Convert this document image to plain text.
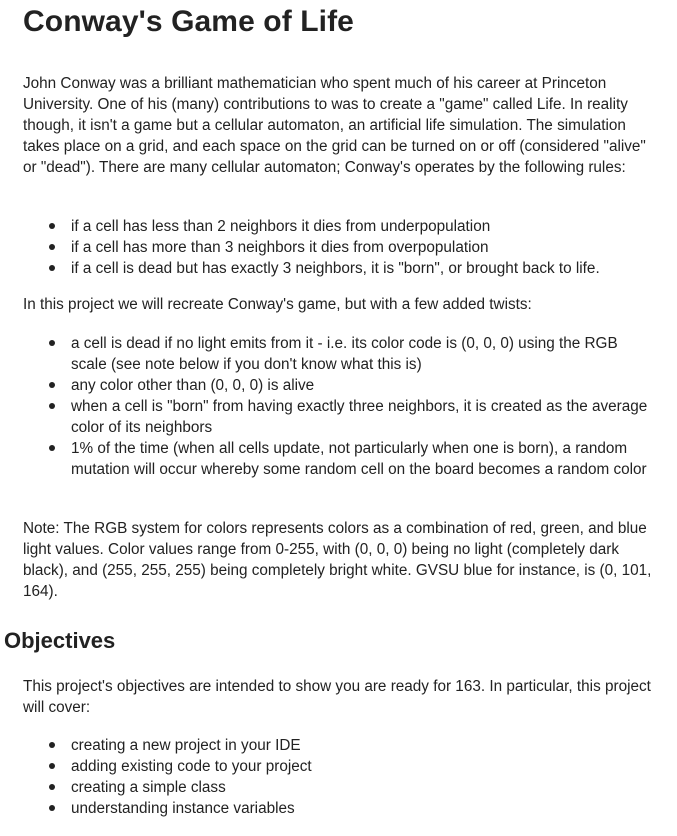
Conway's Game of Life

John Conway was a brilliant mathematician who spent much of his career at Princeton University. One of his (many) contributions to was to create a "game" called Life. In reality though, it isn't a game but a cellular automaton, an artificial life simulation. The simulation takes place on a grid, and each space on the grid can be turned on or off (considered "alive" or "dead"). There are many cellular automaton; Conway's operates by the following rules:

if a cell has less than 2 neighbors it dies from underpopulation
if a cell has more than 3 neighbors it dies from overpopulation
if a cell is dead but has exactly 3 neighbors, it is "born", or brought back to life.

In this project we will recreate Conway's game, but with a few added twists:

a cell is dead if no light emits from it - i.e. its color code is (0, 0, 0) using the RGB scale (see note below if you don't know what this is)
any color other than (0, 0, 0) is alive
when a cell is "born" from having exactly three neighbors, it is created as the average color of its neighbors
1% of the time (when all cells update, not particularly when one is born), a random mutation will occur whereby some random cell on the board becomes a random color

Note: The RGB system for colors represents colors as a combination of red, green, and blue light values. Color values range from 0-255, with (0, 0, 0) being no light (completely dark black), and (255, 255, 255) being completely bright white. GVSU blue for instance, is (0, 101, 164).

Objectives

This project's objectives are intended to show you are ready for 163. In particular, this project will cover:

creating a new project in your IDE
adding existing code to your project
creating a simple class
understanding instance variables
